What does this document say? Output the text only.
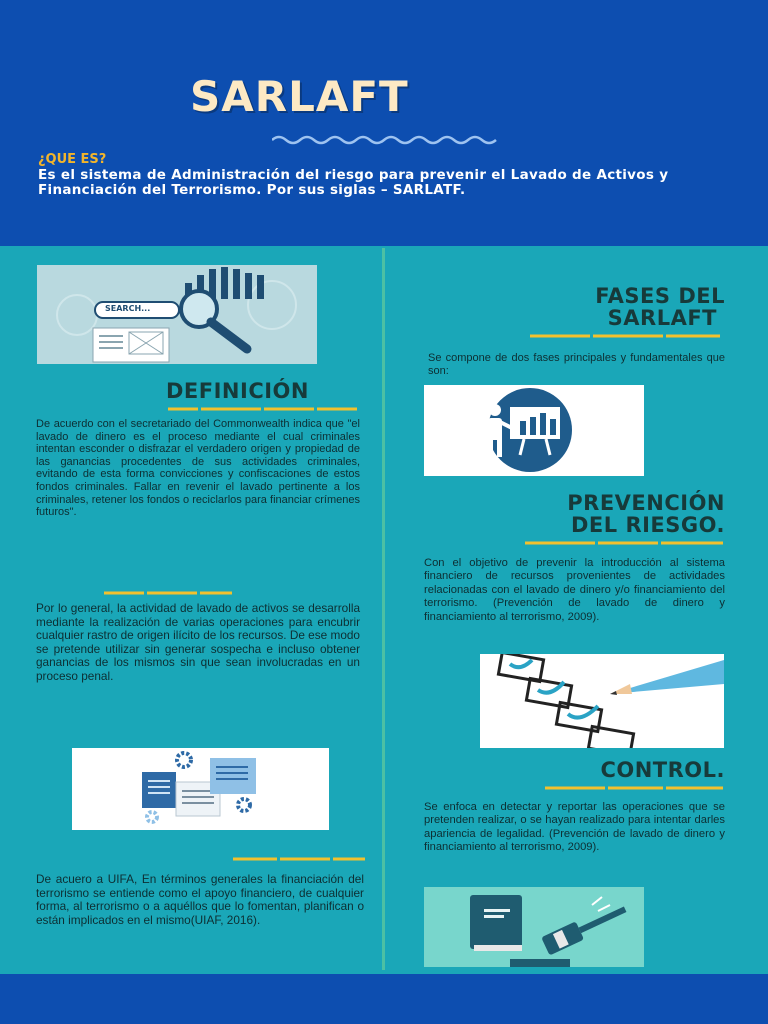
SARLAFT
¿QUE ES?
Es el sistema de Administración del riesgo para prevenir el Lavado de Activos y Financiación del Terrorismo. Por sus siglas – SARLATF.
SEARCH...
DEFINICIÓN
De acuerdo con el secretariado del Commonwealth indica que "el lavado de dinero es el proceso mediante el cual criminales intentan esconder o disfrazar el verdadero origen y propiedad de las ganancias procedentes de sus actividades criminales, evitando de esta forma convicciones y confiscaciones de estos fondos criminales. Fallar en revenir el lavado pertinente a los criminales, retener los fondos o reciclarlos para financiar crímenes futuros".
Por lo general, la actividad de lavado de activos se desarrolla mediante la realización de varias operaciones para encubrir cualquier rastro de origen ilícito de los recursos. De ese modo se pretende utilizar sin generar sospecha e incluso obtener ganancias de los mismos sin que sean involucradas en un proceso penal.
De acuero a UIFA, En términos generales la financiación del terrorismo se entiende como el apoyo financiero, de cualquier forma, al terrorismo o a aquéllos que lo fomentan, planifican o están implicados en el mismo(UIAF, 2016).
FASES DEL
SARLAFT
Se compone de dos fases principales y fundamentales que son:
PREVENCIÓN
DEL RIESGO.
Con el objetivo de prevenir la introducción al sistema financiero de recursos provenientes de actividades relacionadas con el lavado de dinero y/o financiamiento del terrorismo. (Prevención de lavado de dinero y financiamiento al terrorismo, 2009).
CONTROL.
Se enfoca en detectar y reportar las operaciones que se pretenden realizar, o se hayan realizado para intentar darles apariencia de legalidad. (Prevención de lavado de dinero y financiamiento al terrorismo, 2009).
